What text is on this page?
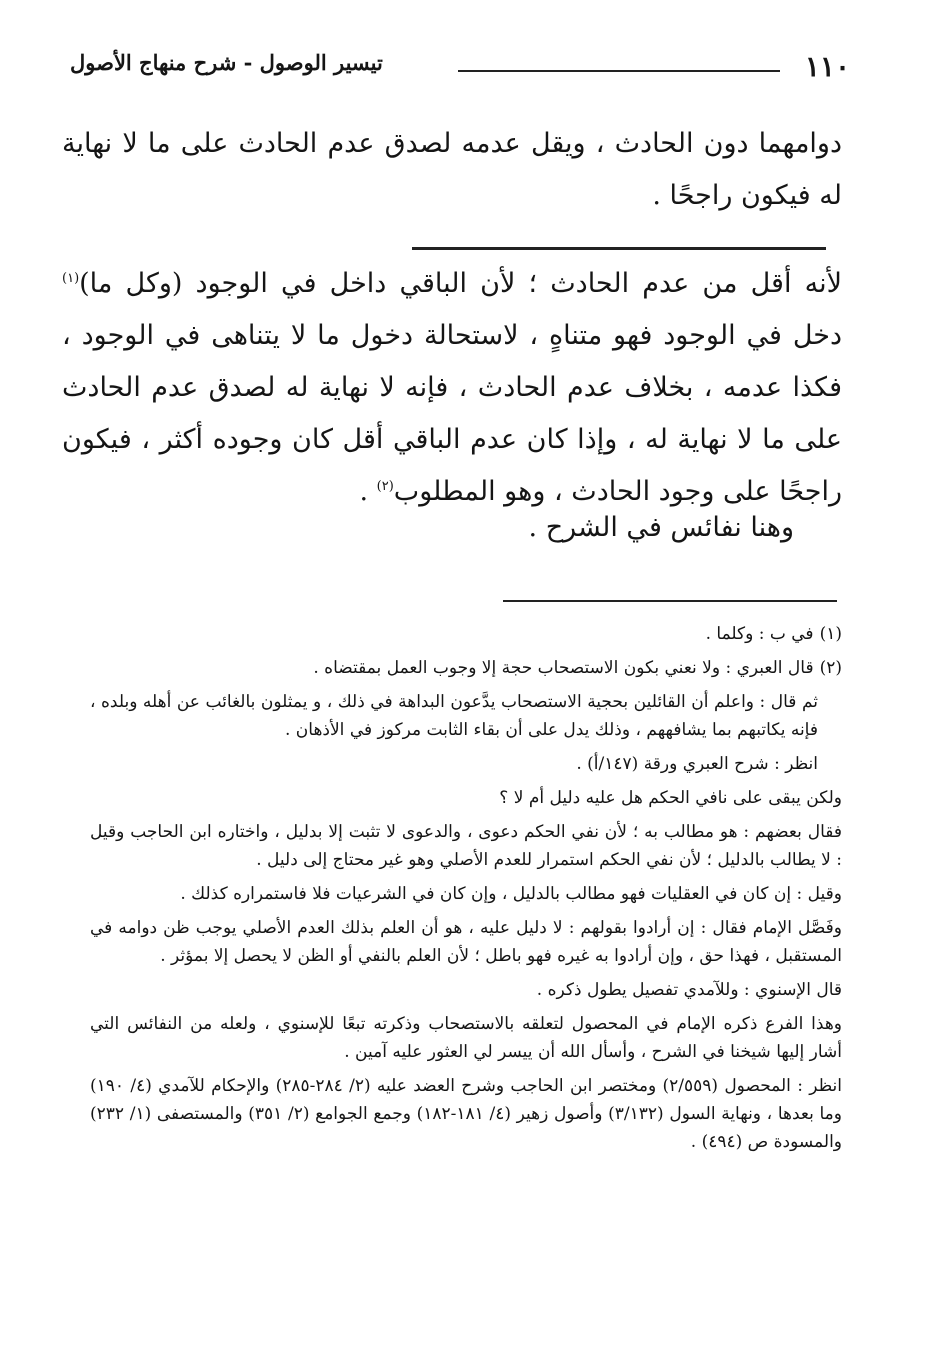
١١٠
تيسير الوصول - شرح منهاج الأصول

دوامهما دون الحادث ، ويقل عدمه لصدق عدم الحادث على ما لا نهاية له فيكون راجحًا .

لأنه أقل من عدم الحادث ؛ لأن الباقي داخل في الوجود (وكل ما)$^{(١)}$ دخل في الوجود فهو متناهٍ ، لاستحالة دخول ما لا يتناهى في الوجود ، فكذا عدمه ، بخلاف عدم الحادث ، فإنه لا نهاية له لصدق عدم الحادث على ما لا نهاية له ، وإذا كان عدم الباقي أقل كان وجوده أكثر ، فيكون راجحًا على وجود الحادث ، وهو المطلوب$^{(٢)}$ .

وهنا نفائس في الشرح .

(١)في ب : وكلما .

(٢)قال العبري : ولا نعني بكون الاستصحاب حجة إلا وجوب العمل بمقتضاه .

ثم قال : واعلم أن القائلين بحجية الاستصحاب يدَّعون البداهة في ذلك ، و يمثلون بالغائب عن أهله وبلده ، فإنه يكاتبهم بما يشافههم ، وذلك يدل على أن بقاء الثابت مركوز في الأذهان .

انظر : شرح العبري ورقة (١٤٧/أ) .

ولكن يبقى على نافي الحكم هل عليه دليل أم لا ؟

فقال بعضهم : هو مطالب به ؛ لأن نفي الحكم دعوى ، والدعوى لا تثبت إلا بدليل ، واختاره ابن الحاجب وقيل : لا يطالب بالدليل ؛ لأن نفي الحكم استمرار للعدم الأصلي وهو غير محتاج إلى دليل .

وقيل : إن كان في العقليات فهو مطالب بالدليل ، وإن كان في الشرعيات فلا فاستمراره كذلك .

وفَصَّل الإمام فقال : إن أرادوا بقولهم : لا دليل عليه ، هو أن العلم بذلك العدم الأصلي يوجب ظن دوامه في المستقبل ، فهذا حق ، وإن أرادوا به غيره فهو باطل ؛ لأن العلم بالنفي أو الظن لا يحصل إلا بمؤثر .

قال الإسنوي : وللآمدي تفصيل يطول ذكره .

وهذا الفرع ذكره الإمام في المحصول لتعلقه بالاستصحاب وذكرته تبعًا للإسنوي ، ولعله من النفائس التي أشار إليها شيخنا في الشرح ، وأسأل الله أن ييسر لي العثور عليه آمين .

انظر : المحصول (٢/٥٥٩) ومختصر ابن الحاجب وشرح العضد عليه (٢/ ٢٨٤-٢٨٥) والإحكام للآمدي (٤/ ١٩٠) وما بعدها ، ونهاية السول (٣/١٣٢) وأصول زهير (٤/ ١٨١-١٨٢) وجمع الجوامع (٢/ ٣٥١) والمستصفى (١/ ٢٣٢) والمسودة ص (٤٩٤) .
